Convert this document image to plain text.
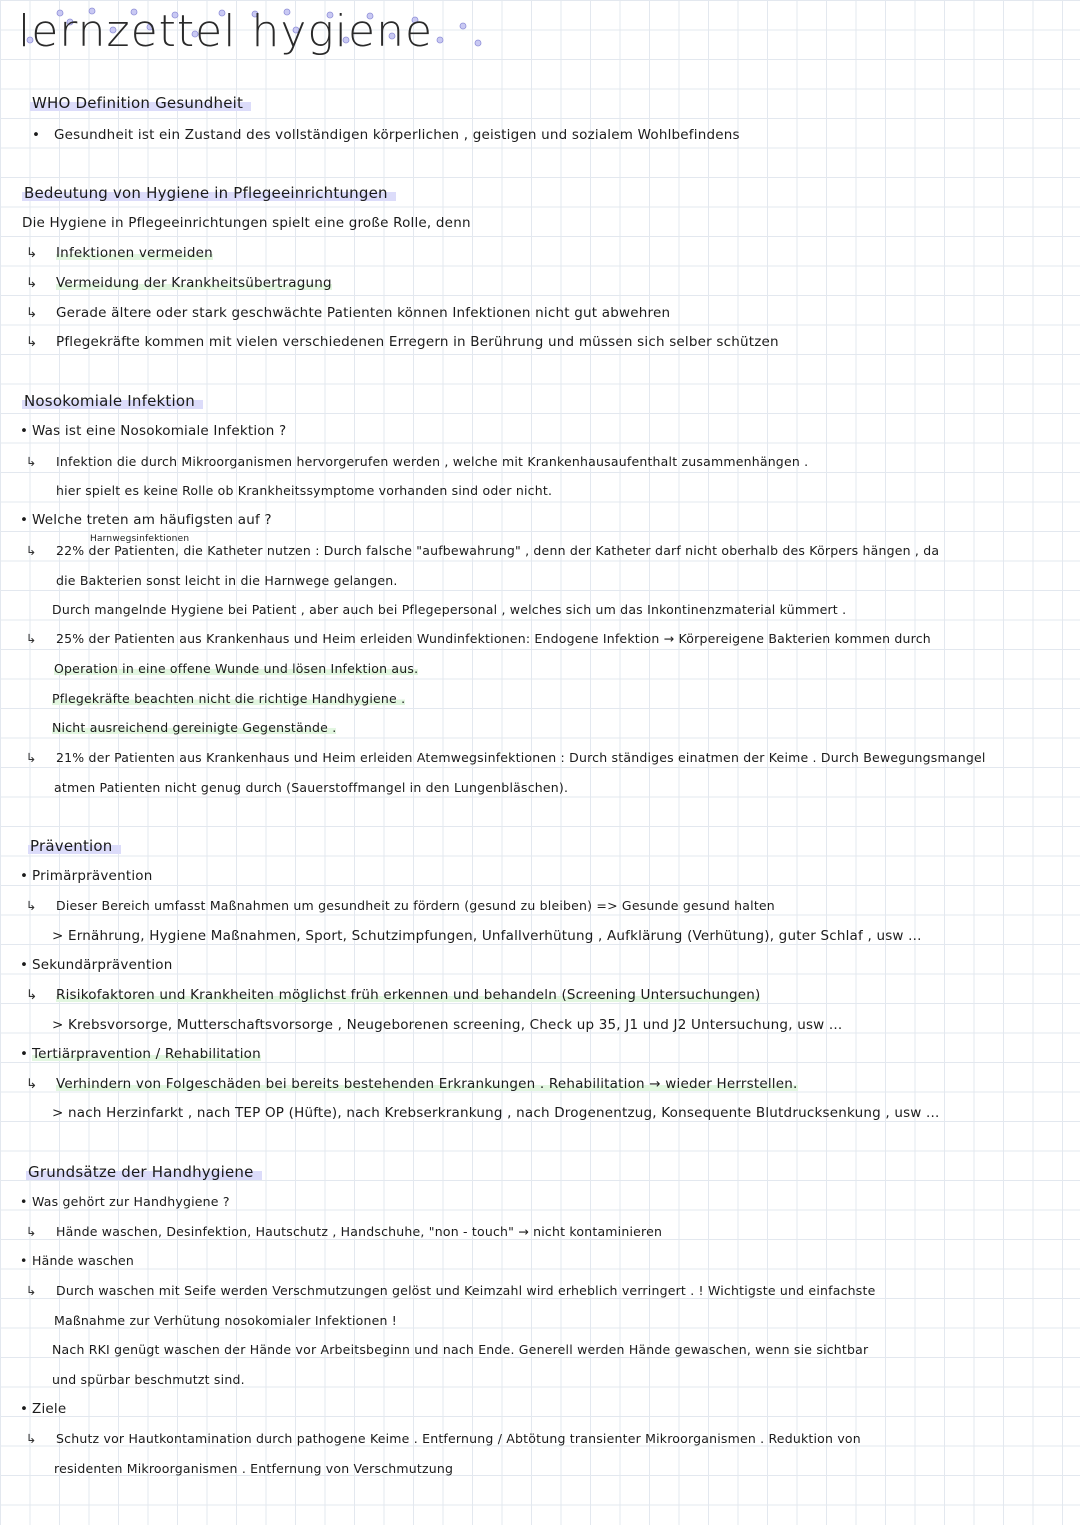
lernzettel hygiene
WHO Definition Gesundheit
• Gesundheit ist ein Zustand des vollständigen körperlichen , geistigen und sozialem Wohlbefindens
Bedeutung von Hygiene in Pflegeeinrichtungen
Die Hygiene in Pflegeeinrichtungen spielt eine große Rolle, denn
↳ Infektionen vermeiden
↳ Vermeidung der Krankheitsübertragung
↳ Gerade ältere oder stark geschwächte Patienten können Infektionen nicht gut abwehren
↳ Pflegekräfte kommen mit vielen verschiedenen Erregern in Berührung und müssen sich selber schützen
Nosokomiale Infektion
• Was ist eine Nosokomiale Infektion ?
↳ Infektion die durch Mikroorganismen hervorgerufen werden , welche mit Krankenhausaufenthalt zusammenhängen .
hier spielt es keine Rolle ob Krankheitssymptome vorhanden sind oder nicht.
• Welche treten am häufigsten auf ?
Harnwegsinfektionen
↳ 22% der Patienten, die Katheter nutzen : Durch falsche "aufbewahrung" , denn der Katheter darf nicht oberhalb des Körpers hängen , da
die Bakterien sonst leicht in die Harnwege gelangen.
Durch mangelnde Hygiene bei Patient , aber auch bei Pflegepersonal , welches sich um das Inkontinenzmaterial kümmert .
↳ 25% der Patienten aus Krankenhaus und Heim erleiden Wundinfektionen: Endogene Infektion → Körpereigene Bakterien kommen durch
Operation in eine offene Wunde und lösen Infektion aus.
Pflegekräfte beachten nicht die richtige Handhygiene .
Nicht ausreichend gereinigte Gegenstände .
↳ 21% der Patienten aus Krankenhaus und Heim erleiden Atemwegsinfektionen : Durch ständiges einatmen der Keime . Durch Bewegungsmangel
atmen Patienten nicht genug durch (Sauerstoffmangel in den Lungenbläschen).
Prävention
• Primärprävention
↳ Dieser Bereich umfasst Maßnahmen um gesundheit zu fördern (gesund zu bleiben) => Gesunde gesund halten
> Ernährung, Hygiene Maßnahmen, Sport, Schutzimpfungen, Unfallverhütung , Aufklärung (Verhütung), guter Schlaf , usw ...
• Sekundärprävention
↳ Risikofaktoren und Krankheiten möglichst früh erkennen und behandeln (Screening Untersuchungen)
> Krebsvorsorge, Mutterschaftsvorsorge , Neugeborenen screening, Check up 35, J1 und J2 Untersuchung, usw ...
• Tertiärpravention / Rehabilitation
↳ Verhindern von Folgeschäden bei bereits bestehenden Erkrankungen . Rehabilitation → wieder Herrstellen.
> nach Herzinfarkt , nach TEP OP (Hüfte), nach Krebserkrankung , nach Drogenentzug, Konsequente Blutdrucksenkung , usw ...
Grundsätze der Handhygiene
• Was gehört zur Handhygiene ?
↳ Hände waschen, Desinfektion, Hautschutz , Handschuhe, "non - touch" → nicht kontaminieren
• Hände waschen
↳ Durch waschen mit Seife werden Verschmutzungen gelöst und Keimzahl wird erheblich verringert . ! Wichtigste und einfachste
Maßnahme zur Verhütung nosokomialer Infektionen !
Nach RKI genügt waschen der Hände vor Arbeitsbeginn und nach Ende. Generell werden Hände gewaschen, wenn sie sichtbar
und spürbar beschmutzt sind.
• Ziele
↳ Schutz vor Hautkontamination durch pathogene Keime . Entfernung / Abtötung transienter Mikroorganismen . Reduktion von
residenten Mikroorganismen . Entfernung von Verschmutzung
